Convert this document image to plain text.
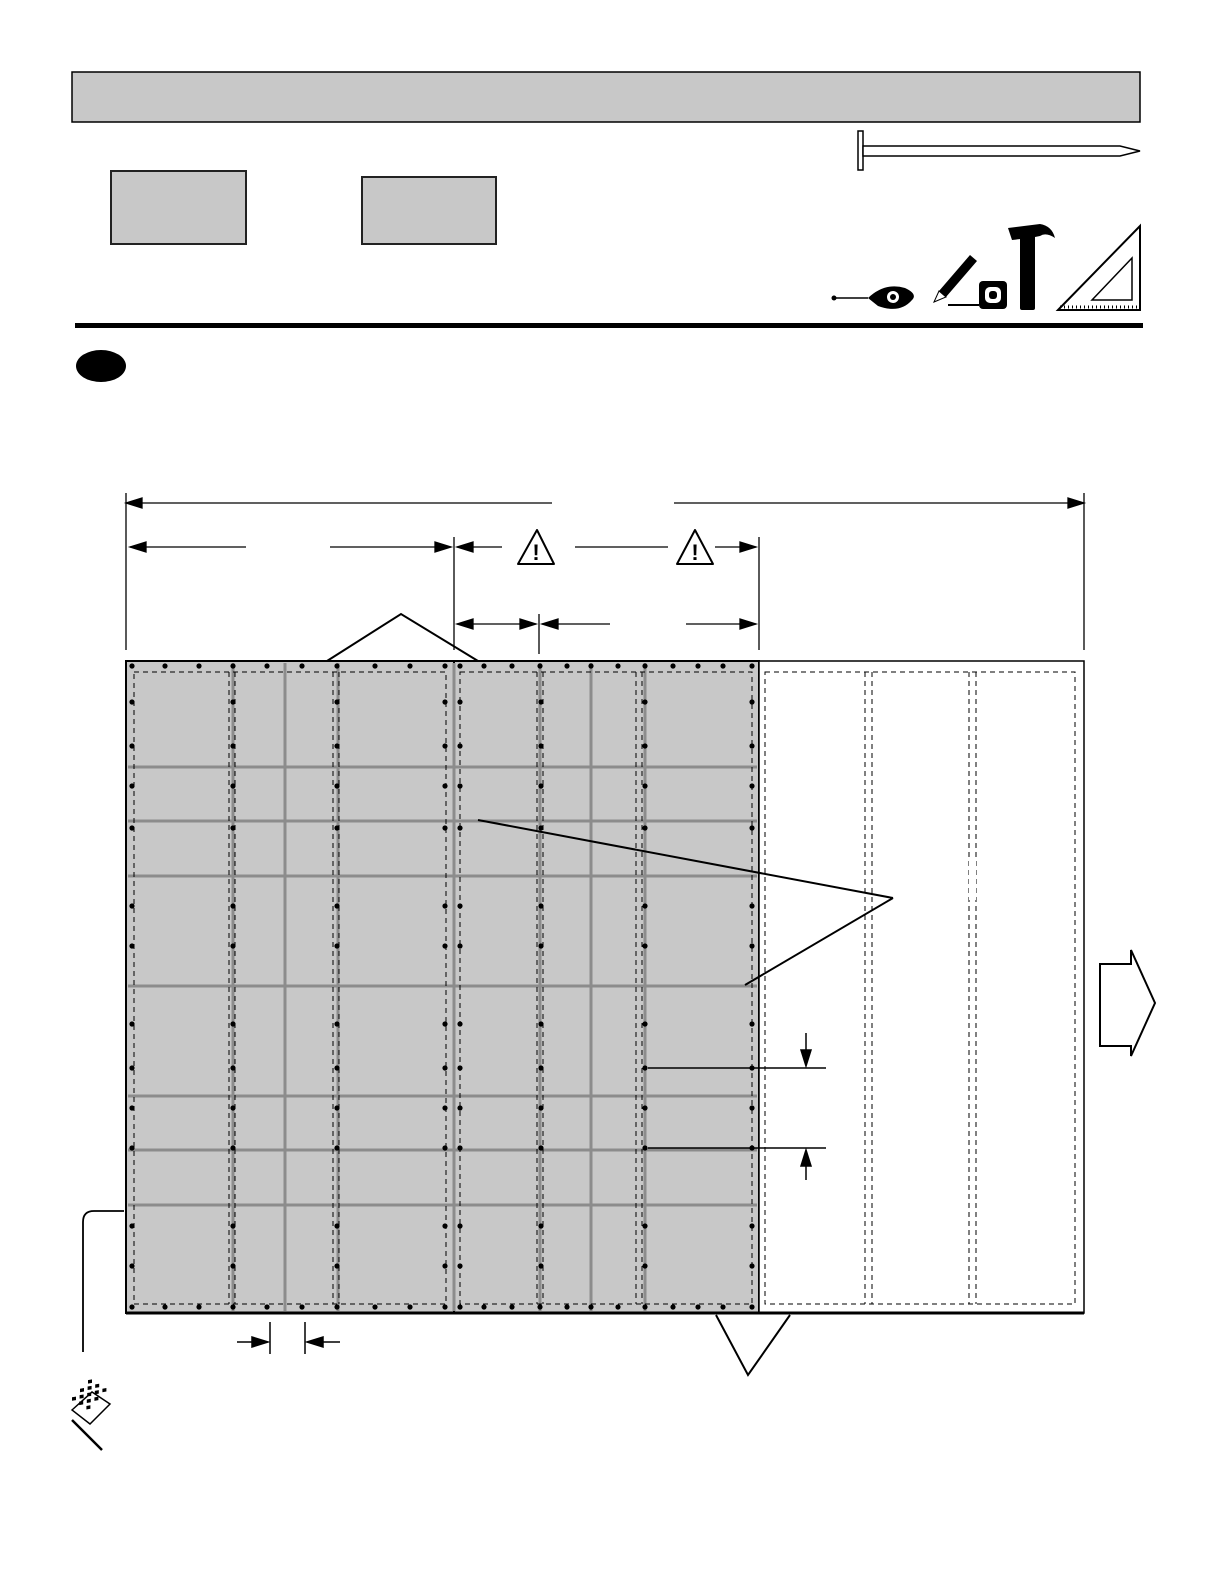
!	!
